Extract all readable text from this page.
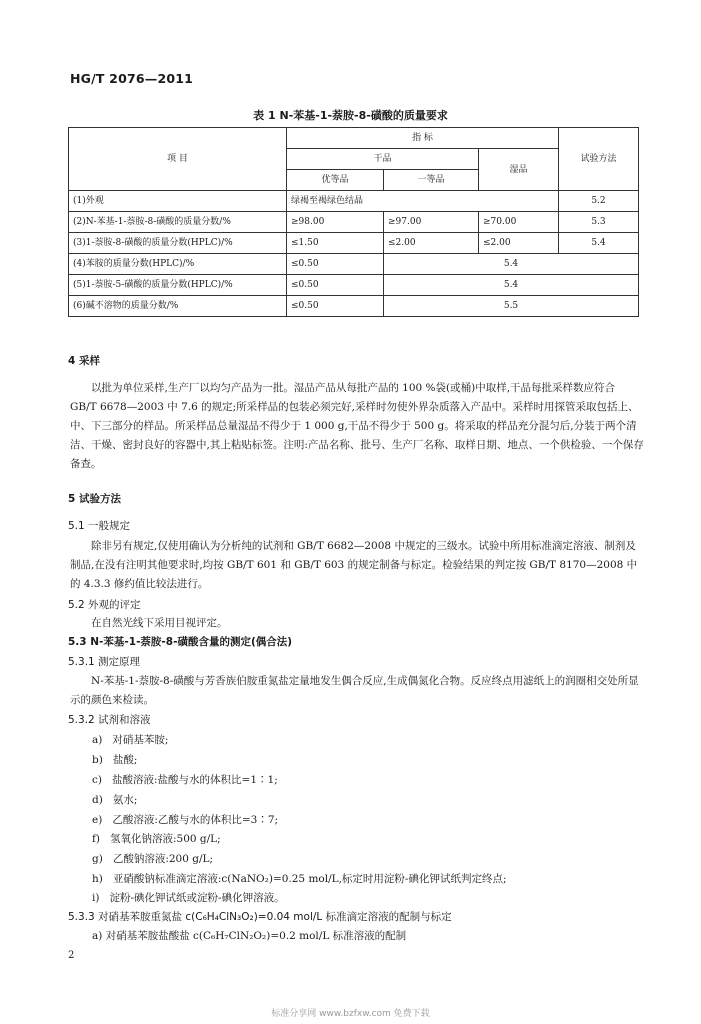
HG/T 2076—2011
表 1 N-苯基-1-萘胺-8-磺酸的质量要求
项 目	指 标			试验方法
	干品		湿品	
	优等品	一等品		
(1)外观	绿褐至褐绿色结晶			5.2
(2)N-苯基-1-萘胺-8-磺酸的质量分数/%	≥98.00	≥97.00	≥70.00	5.3
(3)1-萘胺-8-磺酸的质量分数(HPLC)/%	≤1.50	≤2.00	≤2.00	5.4
(4)苯胺的质量分数(HPLC)/%	≤0.50	5.4		
(5)1-萘胺-5-磺酸的质量分数(HPLC)/%	≤0.50	5.4		
(6)碱不溶物的质量分数/%	≤0.50	5.5		
4 采样
以批为单位采样,生产厂以均匀产品为一批。湿品产品从每批产品的 100 %袋(或桶)中取样,干品每批采样数应符合 GB/T 6678—2003 中 7.6 的规定;所采样品的包装必须完好,采样时勿使外界杂质落入产品中。采样时用探管采取包括上、中、下三部分的样品。所采样品总量湿品不得少于 1 000 g,干品不得少于 500 g。将采取的样品充分混匀后,分装于两个清洁、干燥、密封良好的容器中,其上粘贴标签。注明:产品名称、批号、生产厂名称、取样日期、地点、一个供检验、一个保存备查。
5 试验方法
5.1 一般规定
除非另有规定,仅使用确认为分析纯的试剂和 GB/T 6682—2008 中规定的三级水。试验中所用标准滴定溶液、制剂及制品,在没有注明其他要求时,均按 GB/T 601 和 GB/T 603 的规定制备与标定。检验结果的判定按 GB/T 8170—2008 中的 4.3.3 修约值比较法进行。
5.2 外观的评定
在自然光线下采用目视评定。
5.3 N-苯基-1-萘胺-8-磺酸含量的测定(偶合法)
5.3.1 测定原理
N-苯基-1-萘胺-8-磺酸与芳香族伯胺重氮盐定量地发生偶合反应,生成偶氮化合物。反应终点用滤纸上的润圈相交处所显示的颜色来检读。
5.3.2 试剂和溶液
a) 对硝基苯胺;
b) 盐酸;
c) 盐酸溶液:盐酸与水的体积比=1∶1;
d) 氨水;
e) 乙酸溶液:乙酸与水的体积比=3∶7;
f) 氢氧化钠溶液:500 g/L;
g) 乙酸钠溶液:200 g/L;
h) 亚硝酸钠标准滴定溶液:c(NaNO₂)=0.25 mol/L,标定时用淀粉-碘化钾试纸判定终点;
i) 淀粉-碘化钾试纸或淀粉-碘化钾溶液。
5.3.3 对硝基苯胺重氮盐 c(C₆H₄ClN₃O₂)=0.04 mol/L 标准滴定溶液的配制与标定
a) 对硝基苯胺盐酸盐 c(C₆H₇ClN₂O₂)=0.2 mol/L 标准溶液的配制
2
标准分享网 www.bzfxw.com 免费下载
